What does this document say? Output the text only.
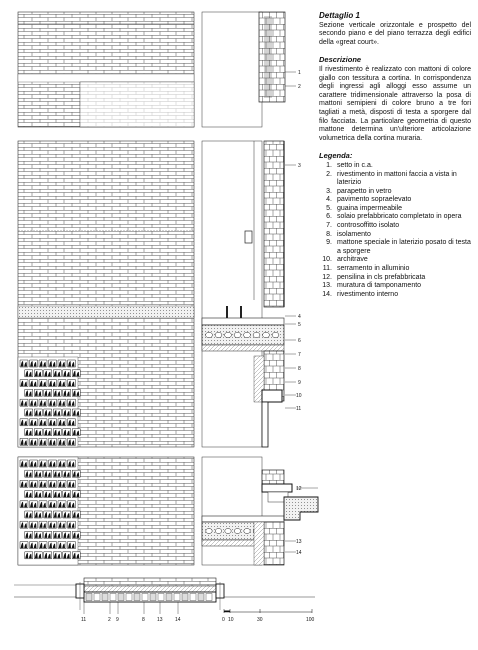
1
2
3
4
5
6
7
8
9
10
11
12
13
14
11	2 9	8 13 14	0 10	30	100
Dettaglio 1
Sezione verticale orizzontale e prospetto del secondo piano e del piano terrazza degli edifici della «great court».
Descrizione
Il rivestimento è realizzato con mattoni di colore giallo con tessitura a cortina. In corrispondenza degli ingressi agli alloggi esso assume un carattere tridimensionale attraverso la posa di mattoni semipieni di colore bruno a tre fori tagliati a metà, disposti di testa a sporgere dal filo facciata. La particolare geometria di questo mattone determina un'ulteriore articolazione volumetrica della cortina muraria.
Legenda:
1. setto in c.a.
2. rivestimento in mattoni faccia a vista in laterizio
3. parapetto in vetro
4. pavimento sopraelevato
5. guaina impermeabile
6. solaio prefabbricato completato in opera
7. controsoffitto isolato
8. isolamento
9. mattone speciale in laterizio posato di testa a sporgere
10. architrave
11. serramento in alluminio
12. pensilina in cls prefabbricata
13. muratura di tamponamento
14. rivestimento interno
